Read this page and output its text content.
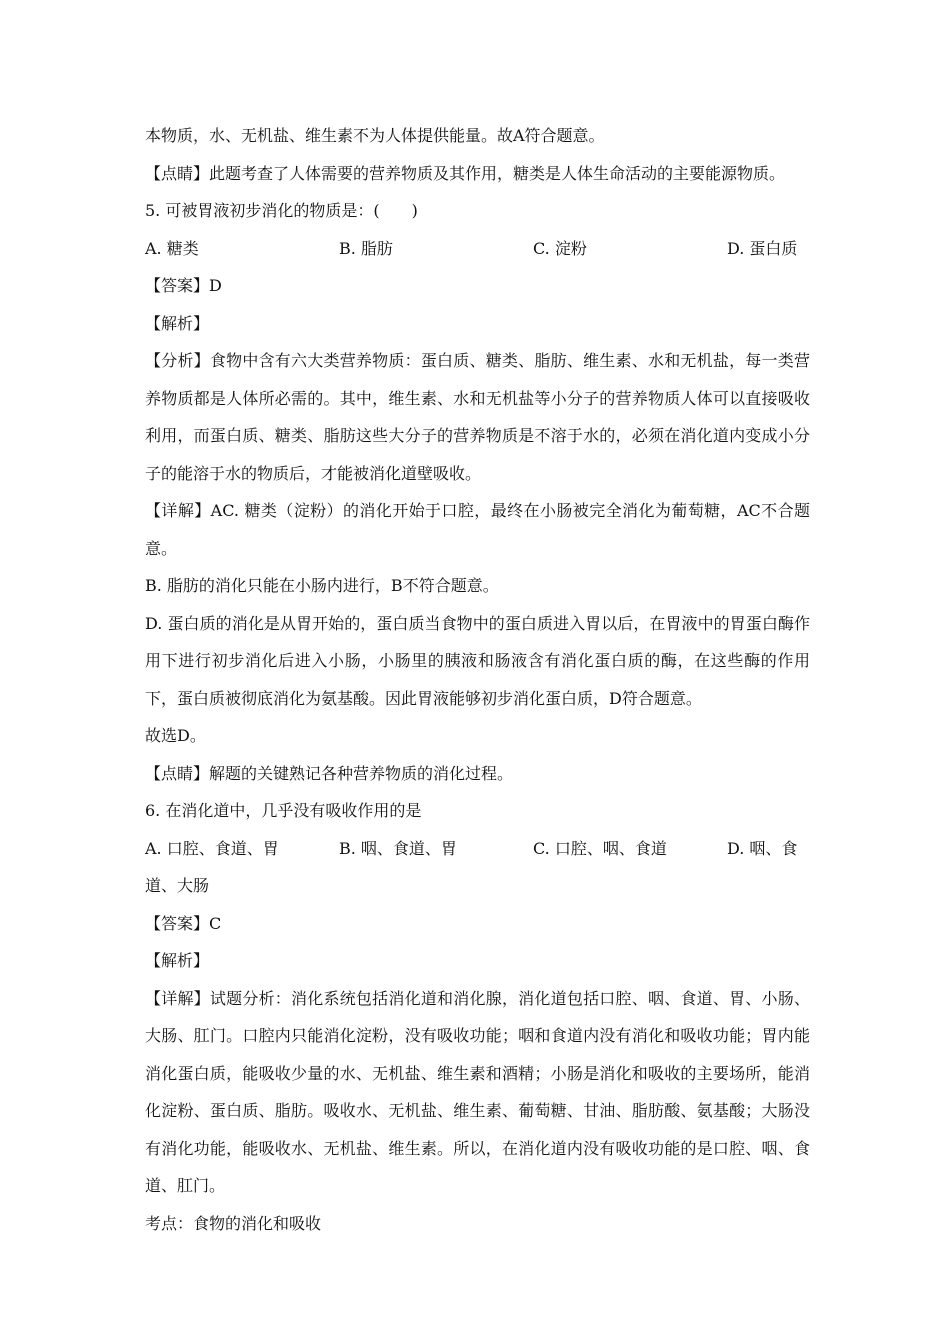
本物质，水、无机盐、维生素不为人体提供能量。故A符合题意。

【点睛】此题考查了人体需要的营养物质及其作用，糖类是人体生命活动的主要能源物质。

5. 可被胃液初步消化的物质是：(　　)

A. 糖类	B. 脂肪	C. 淀粉	D. 蛋白质

【答案】D

【解析】

【分析】食物中含有六大类营养物质：蛋白质、糖类、脂肪、维生素、水和无机盐，每一类营养物质都是人体所必需的。其中，维生素、水和无机盐等小分子的营养物质人体可以直接吸收利用，而蛋白质、糖类、脂肪这些大分子的营养物质是不溶于水的，必须在消化道内变成小分子的能溶于水的物质后，才能被消化道壁吸收。

【详解】AC. 糖类（淀粉）的消化开始于口腔，最终在小肠被完全消化为葡萄糖，AC不合题意。

B. 脂肪的消化只能在小肠内进行，B不符合题意。

D. 蛋白质的消化是从胃开始的，蛋白质当食物中的蛋白质进入胃以后，在胃液中的胃蛋白酶作用下进行初步消化后进入小肠，小肠里的胰液和肠液含有消化蛋白质的酶，在这些酶的作用下，蛋白质被彻底消化为氨基酸。因此胃液能够初步消化蛋白质，D符合题意。

故选D。

【点睛】解题的关键熟记各种营养物质的消化过程。

6. 在消化道中，几乎没有吸收作用的是

A. 口腔、食道、胃	B. 咽、食道、胃	C. 口腔、咽、食道	D. 咽、食

道、大肠

【答案】C

【解析】

【详解】试题分析：消化系统包括消化道和消化腺，消化道包括口腔、咽、食道、胃、小肠、大肠、肛门。口腔内只能消化淀粉，没有吸收功能；咽和食道内没有消化和吸收功能；胃内能消化蛋白质，能吸收少量的水、无机盐、维生素和酒精；小肠是消化和吸收的主要场所，能消化淀粉、蛋白质、脂肪。吸收水、无机盐、维生素、葡萄糖、甘油、脂肪酸、氨基酸；大肠没有消化功能，能吸收水、无机盐、维生素。所以，在消化道内没有吸收功能的是口腔、咽、食道、肛门。

考点：食物的消化和吸收
